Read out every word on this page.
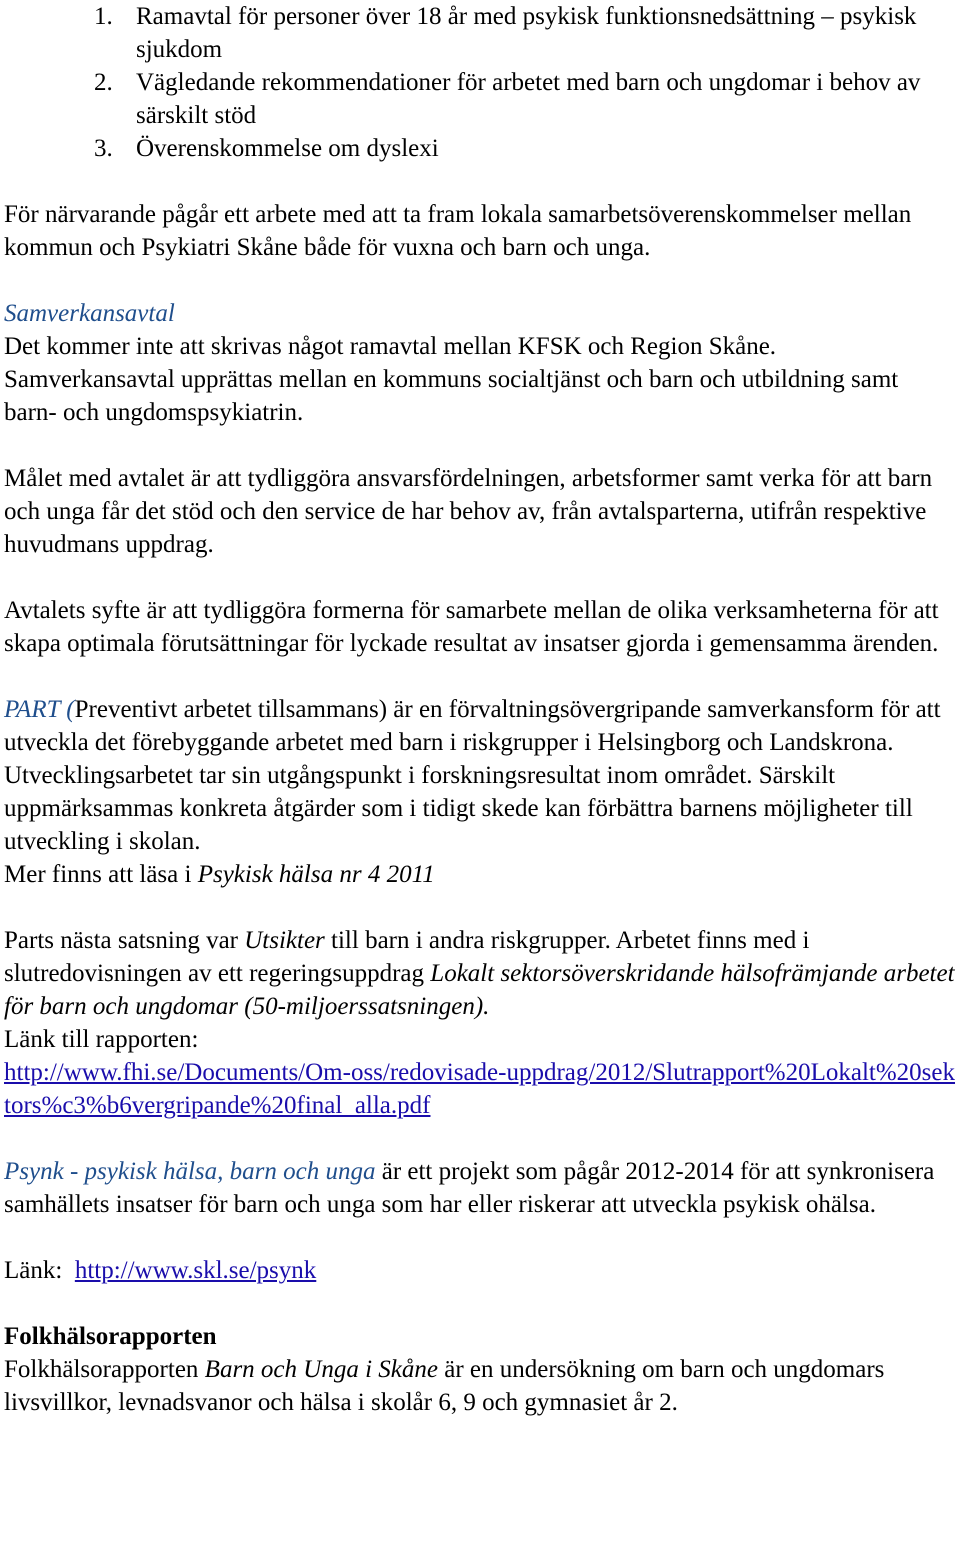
1. Ramavtal för personer över 18 år med psykisk funktionsnedsättning – psykisk sjukdom
2. Vägledande rekommendationer för arbetet med barn och ungdomar i behov av särskilt stöd
3. Överenskommelse om dyslexi

För närvarande pågår ett arbete med att ta fram lokala samarbetsöverenskommelser mellan kommun och Psykiatri Skåne både för vuxna och barn och unga.

Samverkansavtal

Det kommer inte att skrivas något ramavtal mellan KFSK och Region Skåne.

Samverkansavtal upprättas mellan en kommuns socialtjänst och barn och utbildning samt barn- och ungdomspsykiatrin.

Målet med avtalet är att tydliggöra ansvarsfördelningen, arbetsformer samt verka för att barn och unga får det stöd och den service de har behov av, från avtalsparterna, utifrån respektive huvudmans uppdrag.

Avtalets syfte är att tydliggöra formerna för samarbete mellan de olika verksamheterna för att skapa optimala förutsättningar för lyckade resultat av insatser gjorda i gemensamma ärenden.

PART (Preventivt arbetet tillsammans) är en förvaltningsövergripande samverkansform för att utveckla det förebyggande arbetet med barn i riskgrupper i Helsingborg och Landskrona. Utvecklingsarbetet tar sin utgångspunkt i forskningsresultat inom området. Särskilt uppmärksammas konkreta åtgärder som i tidigt skede kan förbättra barnens möjligheter till utveckling i skolan.

Mer finns att läsa i Psykisk hälsa nr 4 2011

Parts nästa satsning var Utsikter till barn i andra riskgrupper. Arbetet finns med i slutredovisningen av ett regeringsuppdrag Lokalt sektorsöverskridande hälsofrämjande arbetet för barn och ungdomar (50-miljoerssatsningen).

Länk till rapporten:

http://www.fhi.se/Documents/Om-oss/redovisade-uppdrag/2012/Slutrapport%20Lokalt%20sektors%c3%b6vergripande%20final_alla.pdf

Psynk - psykisk hälsa, barn och unga är ett projekt som pågår 2012-2014 för att synkronisera samhällets insatser för barn och unga som har eller riskerar att utveckla psykisk ohälsa.

Länk: http://www.skl.se/psynk

Folkhälsorapporten

Folkhälsorapporten Barn och Unga i Skåne är en undersökning om barn och ungdomars livsvillkor, levnadsvanor och hälsa i skolår 6, 9 och gymnasiet år 2.
